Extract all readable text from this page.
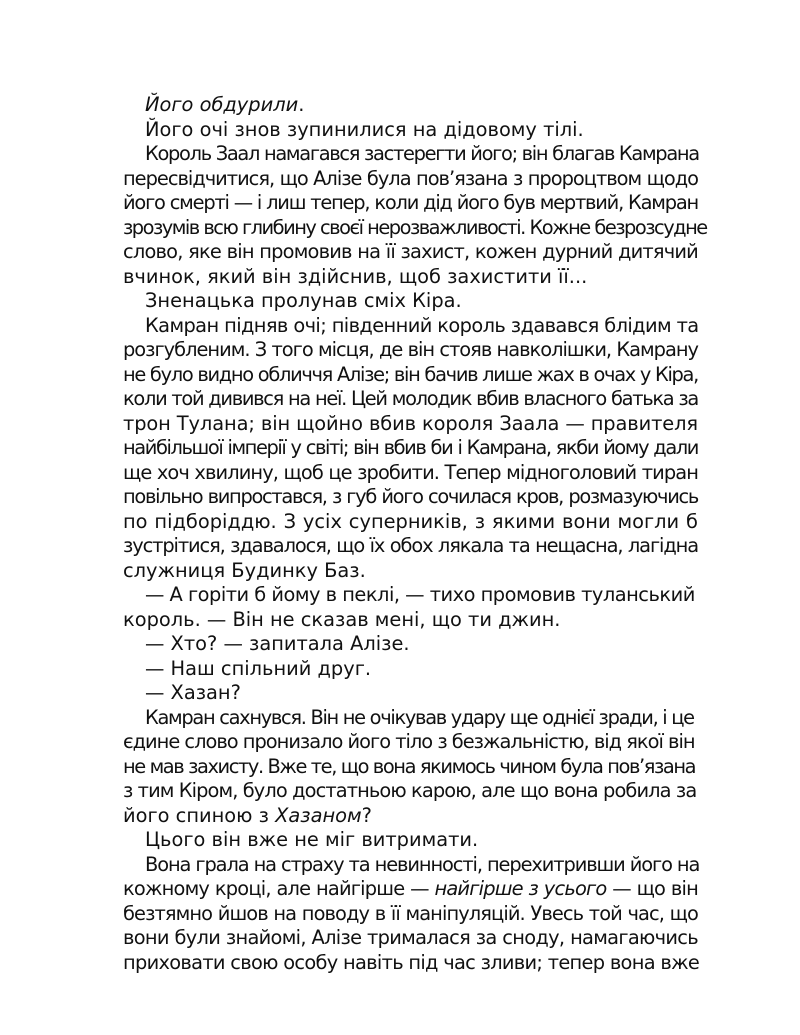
Його обдурили.
Його очі знов зупинилися на дідовому тілі.
Король Заал намагався застерегти його; він благав Камрана
пересвідчитися, що Алізе була пов’язана з пророцтвом щодо
його смерті — і лиш тепер, коли дід його був мертвий, Камран
зрозумів всю глибину своєї нерозважливості. Кожне безрозсудне
слово, яке він промовив на її захист, кожен дурний дитячий
вчинок, який він здійснив, щоб захистити її...
Зненацька пролунав сміх Кіра.
Камран підняв очі; південний король здавався блідим та
розгубленим. З того місця, де він стояв навколішки, Камрану
не було видно обличчя Алізе; він бачив лише жах в очах у Кіра,
коли той дивився на неї. Цей молодик вбив власного батька за
трон Тулана; він щойно вбив короля Заала — правителя
найбільшої імперії у світі; він вбив би і Камрана, якби йому дали
ще хоч хвилину, щоб це зробити. Тепер мідноголовий тиран
повільно випростався, з губ його сочилася кров, розмазуючись
по підборіддю. З усіх суперників, з якими вони могли б
зустрітися, здавалося, що їх обох лякала та нещасна, лагідна
служниця Будинку Баз.
— А горіти б йому в пеклі, — тихо промовив туланський
король. — Він не сказав мені, що ти джин.
— Хто? — запитала Алізе.
— Наш спільний друг.
— Хазан?
Камран сахнувся. Він не очікував удару ще однієї зради, і це
єдине слово пронизало його тіло з безжальністю, від якої він
не мав захисту. Вже те, що вона якимось чином була пов’язана
з тим Кіром, було достатньою карою, але що вона робила за
його спиною з Хазаном?
Цього він вже не міг витримати.
Вона грала на страху та невинності, перехитривши його на
кожному кроці, але найгірше — найгірше з усього — що він
безтямно йшов на поводу в її маніпуляцій. Увесь той час, що
вони були знайомі, Алізе трималася за сноду, намагаючись
приховати свою особу навіть під час зливи; тепер вона вже
